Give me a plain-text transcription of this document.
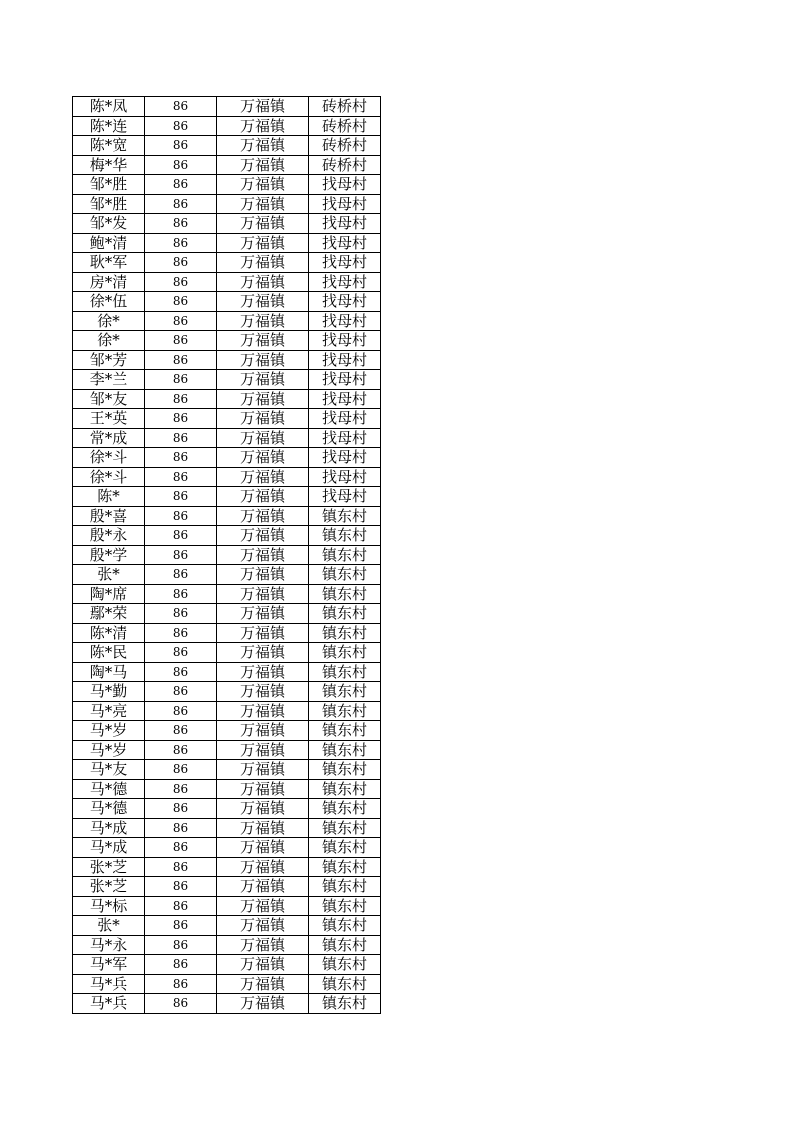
陈*凤	86	万福镇	砖桥村
陈*连	86	万福镇	砖桥村
陈*宽	86	万福镇	砖桥村
梅*华	86	万福镇	砖桥村
邹*胜	86	万福镇	找母村
邹*胜	86	万福镇	找母村
邹*发	86	万福镇	找母村
鲍*清	86	万福镇	找母村
耿*军	86	万福镇	找母村
房*清	86	万福镇	找母村
徐*伍	86	万福镇	找母村
徐*	86	万福镇	找母村
徐*	86	万福镇	找母村
邹*芳	86	万福镇	找母村
李*兰	86	万福镇	找母村
邹*友	86	万福镇	找母村
王*英	86	万福镇	找母村
常*成	86	万福镇	找母村
徐*斗	86	万福镇	找母村
徐*斗	86	万福镇	找母村
陈*	86	万福镇	找母村
殷*喜	86	万福镇	镇东村
殷*永	86	万福镇	镇东村
殷*学	86	万福镇	镇东村
张*	86	万福镇	镇东村
陶*席	86	万福镇	镇东村
鄢*荣	86	万福镇	镇东村
陈*清	86	万福镇	镇东村
陈*民	86	万福镇	镇东村
陶*马	86	万福镇	镇东村
马*勤	86	万福镇	镇东村
马*亮	86	万福镇	镇东村
马*岁	86	万福镇	镇东村
马*岁	86	万福镇	镇东村
马*友	86	万福镇	镇东村
马*德	86	万福镇	镇东村
马*德	86	万福镇	镇东村
马*成	86	万福镇	镇东村
马*成	86	万福镇	镇东村
张*芝	86	万福镇	镇东村
张*芝	86	万福镇	镇东村
马*标	86	万福镇	镇东村
张*	86	万福镇	镇东村
马*永	86	万福镇	镇东村
马*军	86	万福镇	镇东村
马*兵	86	万福镇	镇东村
马*兵	86	万福镇	镇东村
